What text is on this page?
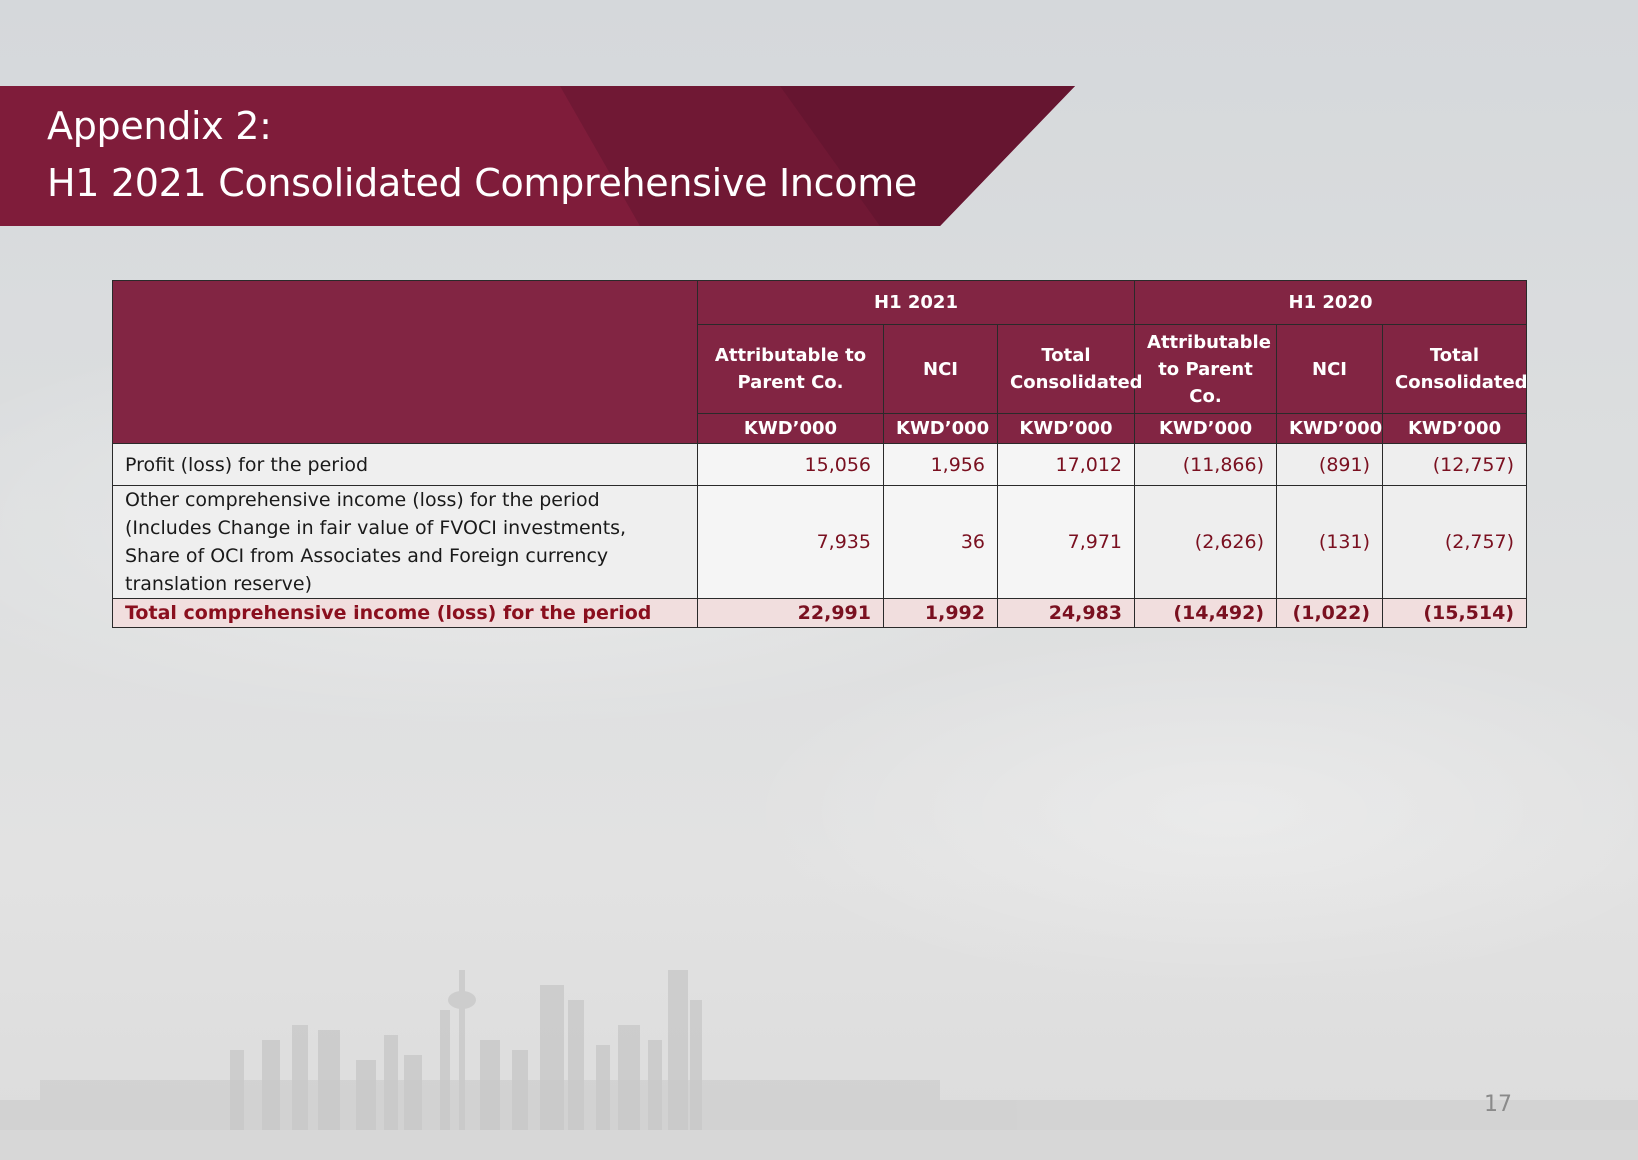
Appendix 2:
H1 2021 Consolidated Comprehensive Income
	H1 2021			H1 2020		
	Attributable to Parent Co.	NCI	Total Consolidated	Attributable to Parent Co.	NCI	Total Consolidated
	KWD’000	KWD’000	KWD’000	KWD’000	KWD’000	KWD’000
Profit (loss) for the period	15,056	1,956	17,012	(11,866)	(891)	(12,757)
Other comprehensive income (loss) for the period (Includes Change in fair value of FVOCI investments, Share of OCI from Associates and Foreign currency translation reserve)	7,935	36	7,971	(2,626)	(131)	(2,757)
Total comprehensive income (loss) for the period	22,991	1,992	24,983	(14,492)	(1,022)	(15,514)
17
